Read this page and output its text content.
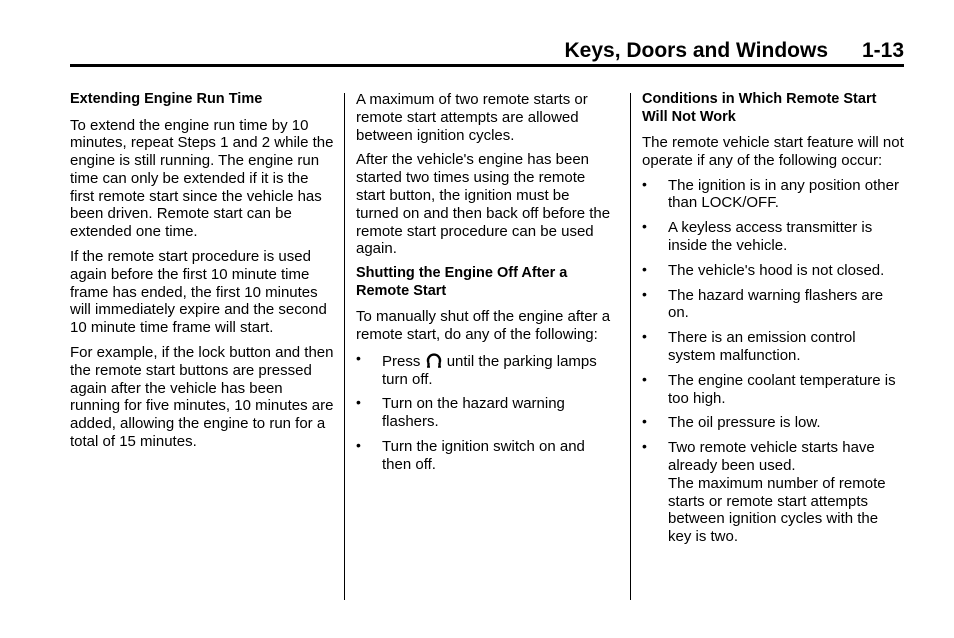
Keys, Doors and Windows 1-13
Extending Engine Run Time

To extend the engine run time by 10 minutes, repeat Steps 1 and 2 while the engine is still running. The engine run time can only be extended if it is the first remote start since the vehicle has been driven. Remote start can be extended one time.

If the remote start procedure is used again before the first 10 minute time frame has ended, the first 10 minutes will immediately expire and the second 10 minute time frame will start.

For example, if the lock button and then the remote start buttons are pressed again after the vehicle has been running for five minutes, 10 minutes are added, allowing the engine to run for a total of 15 minutes.

A maximum of two remote starts or remote start attempts are allowed between ignition cycles.

After the vehicle's engine has been started two times using the remote start button, the ignition must be turned on and then back off before the remote start procedure can be used again.

Shutting the Engine Off After a Remote Start

To manually shut off the engine after a remote start, do any of the following:

• Press until the parking lamps turn off.
• Turn on the hazard warning flashers.
• Turn the ignition switch on and then off.
Conditions in Which Remote Start Will Not Work

The remote vehicle start feature will not operate if any of the following occur:

• The ignition is in any position other than LOCK/OFF.
• A keyless access transmitter is inside the vehicle.
• The vehicle's hood is not closed.
• The hazard warning flashers are on.
• There is an emission control system malfunction.
• The engine coolant temperature is too high.
• The oil pressure is low.
• Two remote vehicle starts have already been used.
The maximum number of remote starts or remote start attempts between ignition cycles with the key is two.
